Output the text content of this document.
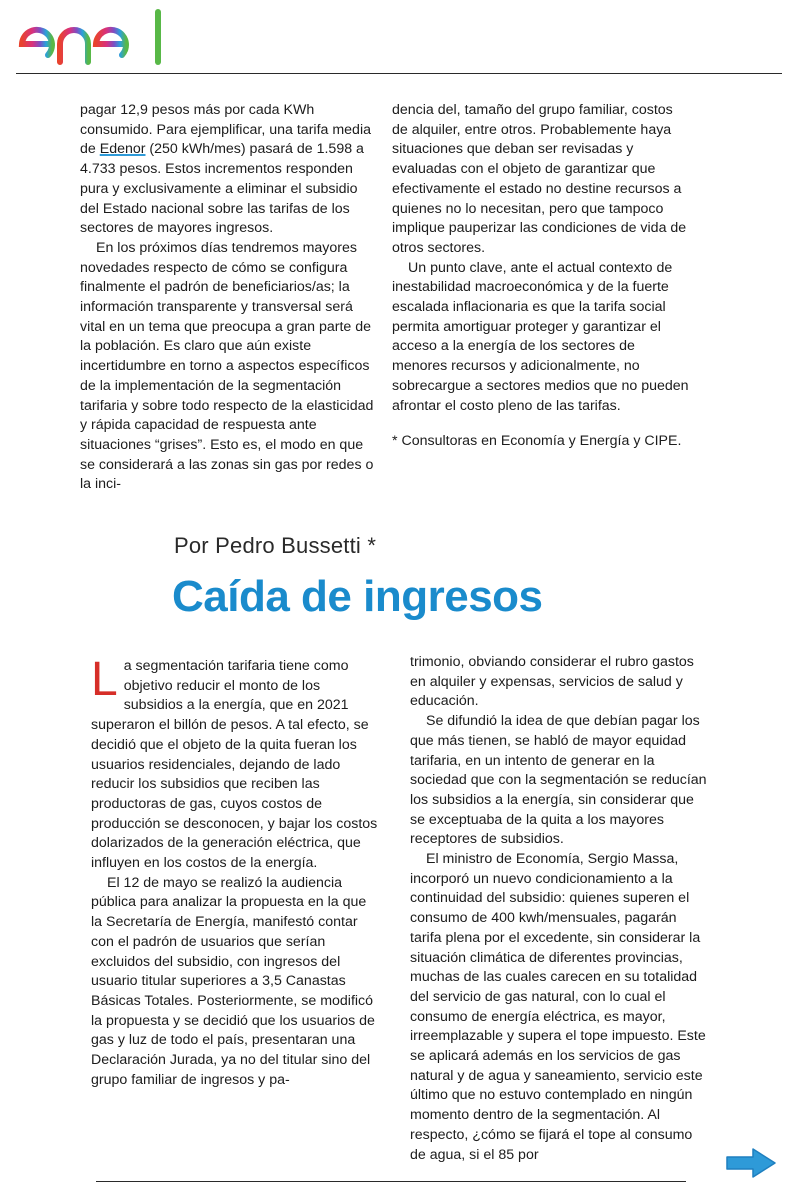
pagar 12,9 pesos más por cada KWh consumido. Para ejemplificar, una tarifa media de Edenor (250 kWh/mes) pasará de 1.598 a 4.733 pesos. Estos incrementos responden pura y exclusivamente a eliminar el subsidio del Estado nacional sobre las tarifas de los sectores de mayores ingresos.

En los próximos días tendremos mayores novedades respecto de cómo se configura finalmente el padrón de beneficiarios/as; la información transparente y transversal será vital en un tema que preocupa a gran parte de la población. Es claro que aún existe incertidumbre en torno a aspectos específicos de la implementación de la segmentación tarifaria y sobre todo respecto de la elasticidad y rápida capacidad de respuesta ante situaciones “grises”. Esto es, el modo en que se considerará a las zonas sin gas por redes o la inci-

dencia del, tamaño del grupo familiar, costos de alquiler, entre otros. Probablemente haya situaciones que deban ser revisadas y evaluadas con el objeto de garantizar que efectivamente el estado no destine recursos a quienes no lo necesitan, pero que tampoco implique pauperizar las condiciones de vida de otros sectores.

Un punto clave, ante el actual contexto de inestabilidad macroeconómica y de la fuerte escalada inflacionaria es que la tarifa social permita amortiguar proteger y garantizar el acceso a la energía de los sectores de menores recursos y adicionalmente, no sobrecargue a sectores medios que no pueden afrontar el costo pleno de las tarifas.

* Consultoras en Economía y Energía y CIPE.

Por Pedro Bussetti *
Caída de ingresos

La segmentación tarifaria tiene como objetivo reducir el monto de los subsidios a la energía, que en 2021 superaron el billón de pesos. A tal efecto, se decidió que el objeto de la quita fueran los usuarios residenciales, dejando de lado reducir los subsidios que reciben las productoras de gas, cuyos costos de producción se desconocen, y bajar los costos dolarizados de la generación eléctrica, que influyen en los costos de la energía.

El 12 de mayo se realizó la audiencia pública para analizar la propuesta en la que la Secretaría de Energía, manifestó contar con el padrón de usuarios que serían excluidos del subsidio, con ingresos del usuario titular superiores a 3,5 Canastas Básicas Totales. Posteriormente, se modificó la propuesta y se decidió que los usuarios de gas y luz de todo el país, presentaran una Declaración Jurada, ya no del titular sino del grupo familiar de ingresos y pa-

trimonio, obviando considerar el rubro gastos en alquiler y expensas, servicios de salud y educación.

Se difundió la idea de que debían pagar los que más tienen, se habló de mayor equidad tarifaria, en un intento de generar en la sociedad que con la segmentación se reducían los subsidios a la energía, sin considerar que se exceptuaba de la quita a los mayores receptores de subsidios.

El ministro de Economía, Sergio Massa, incorporó un nuevo condicionamiento a la continuidad del subsidio: quienes superen el consumo de 400 kwh/mensuales, pagarán tarifa plena por el excedente, sin considerar la situación climática de diferentes provincias, muchas de las cuales carecen en su totalidad del servicio de gas natural, con lo cual el consumo de energía eléctrica, es mayor, irreemplazable y supera el tope impuesto. Este se aplicará además en los servicios de gas natural y de agua y saneamiento, servicio este último que no estuvo contemplado en ningún momento dentro de la segmentación. Al respecto, ¿cómo se fijará el tope al consumo de agua, si el 85 por
